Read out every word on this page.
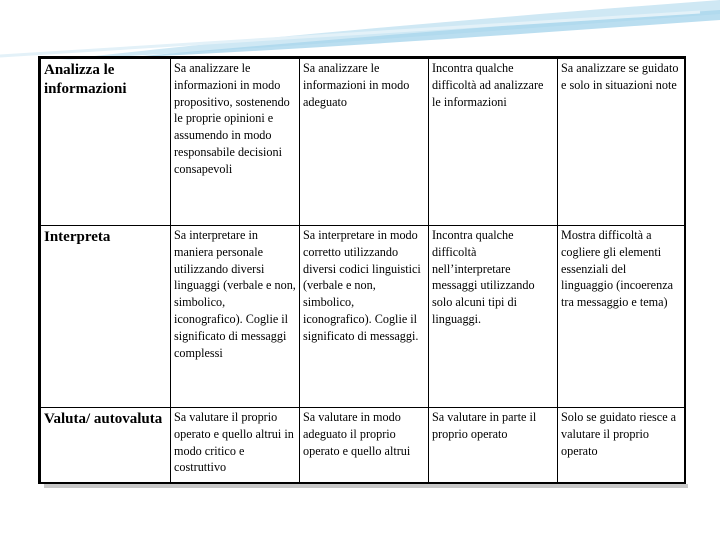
Analizza le informazioni	Sa analizzare le informazioni in modo propositivo, sostenendo le proprie opinioni e assumendo in modo responsabile decisioni consapevoli	Sa analizzare le informazioni in modo adeguato	Incontra qualche difficoltà ad analizzare le informazioni	Sa analizzare se guidato e solo in situazioni note
Interpreta	Sa interpretare in maniera personale utilizzando diversi linguaggi (verbale e non, simbolico, iconografico). Coglie il significato di messaggi complessi	Sa interpretare in modo corretto utilizzando diversi codici linguistici (verbale e non, simbolico, iconografico). Coglie il significato di messaggi.	Incontra qualche difficoltà nell’interpretare messaggi utilizzando solo alcuni tipi di linguaggi.	Mostra difficoltà a cogliere gli elementi essenziali del linguaggio (incoerenza tra messaggio e tema)
Valuta/ autovaluta	Sa valutare il proprio operato e quello altrui in modo critico e costruttivo	Sa valutare in modo adeguato il proprio operato e quello altrui	Sa valutare in parte il proprio operato	Solo se guidato riesce a valutare il proprio operato
